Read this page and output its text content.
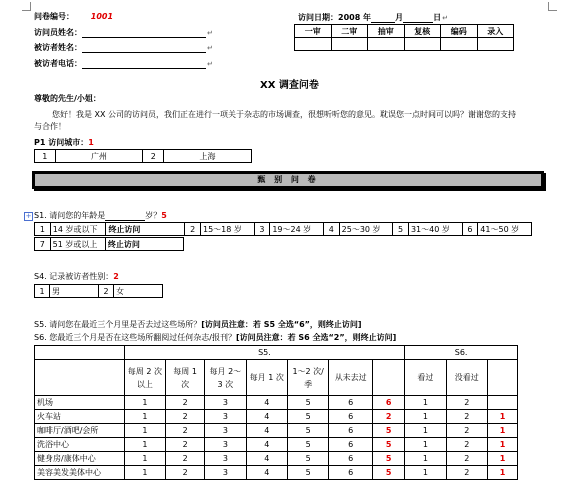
问卷编号： 1001
访问员姓名：	↵
被访者姓名：	↵
被访者电话：	↵
访问日期：2008 年	月	日↵
一审	二审	抽审	复核	编码	录入

XX 调查问卷
尊敬的先生/小姐：
您好！我是 XX 公司的访问员，我们正在进行一项关于杂志的市场调查，很想听听您的意见。耽误您一点时间可以吗？谢谢您的支持
与合作！
P1 访问城市：1
1	广州	2	上海
甄 别 问 卷
+ S1. 请问您的年龄是	岁？5
1	14 岁或以下	终止访问	2	15～18 岁	3	19～24 岁	4	25～30 岁	5	31～40 岁	6	41～50 岁
7	51 岁或以上	终止访问
S4. 记录被访者性别：2
1	男	2	女
S5. 请问您在最近三个月里是否去过这些场所？[访问员注意：若 S5 全选“6”，则终止访问]
S6. 您最近三个月是否在这些场所翻阅过任何杂志/报刊？[访问员注意：若 S6 全选“2”，则终止访问]
	S5.							S6.		
	每周 2 次以上	每周 1 次	每月 2～3 次	每月 1 次	1～2 次/季	从未去过		看过	没看过	
机场	1	2	3	4	5	6	6	1	2	
火车站	1	2	3	4	5	6	2	1	2	1
咖啡厅/酒吧/会所	1	2	3	4	5	6	5	1	2	1
洗浴中心	1	2	3	4	5	6	5	1	2	1
健身房/康体中心	1	2	3	4	5	6	5	1	2	1
美容美发美体中心	1	2	3	4	5	6	5	1	2	1
